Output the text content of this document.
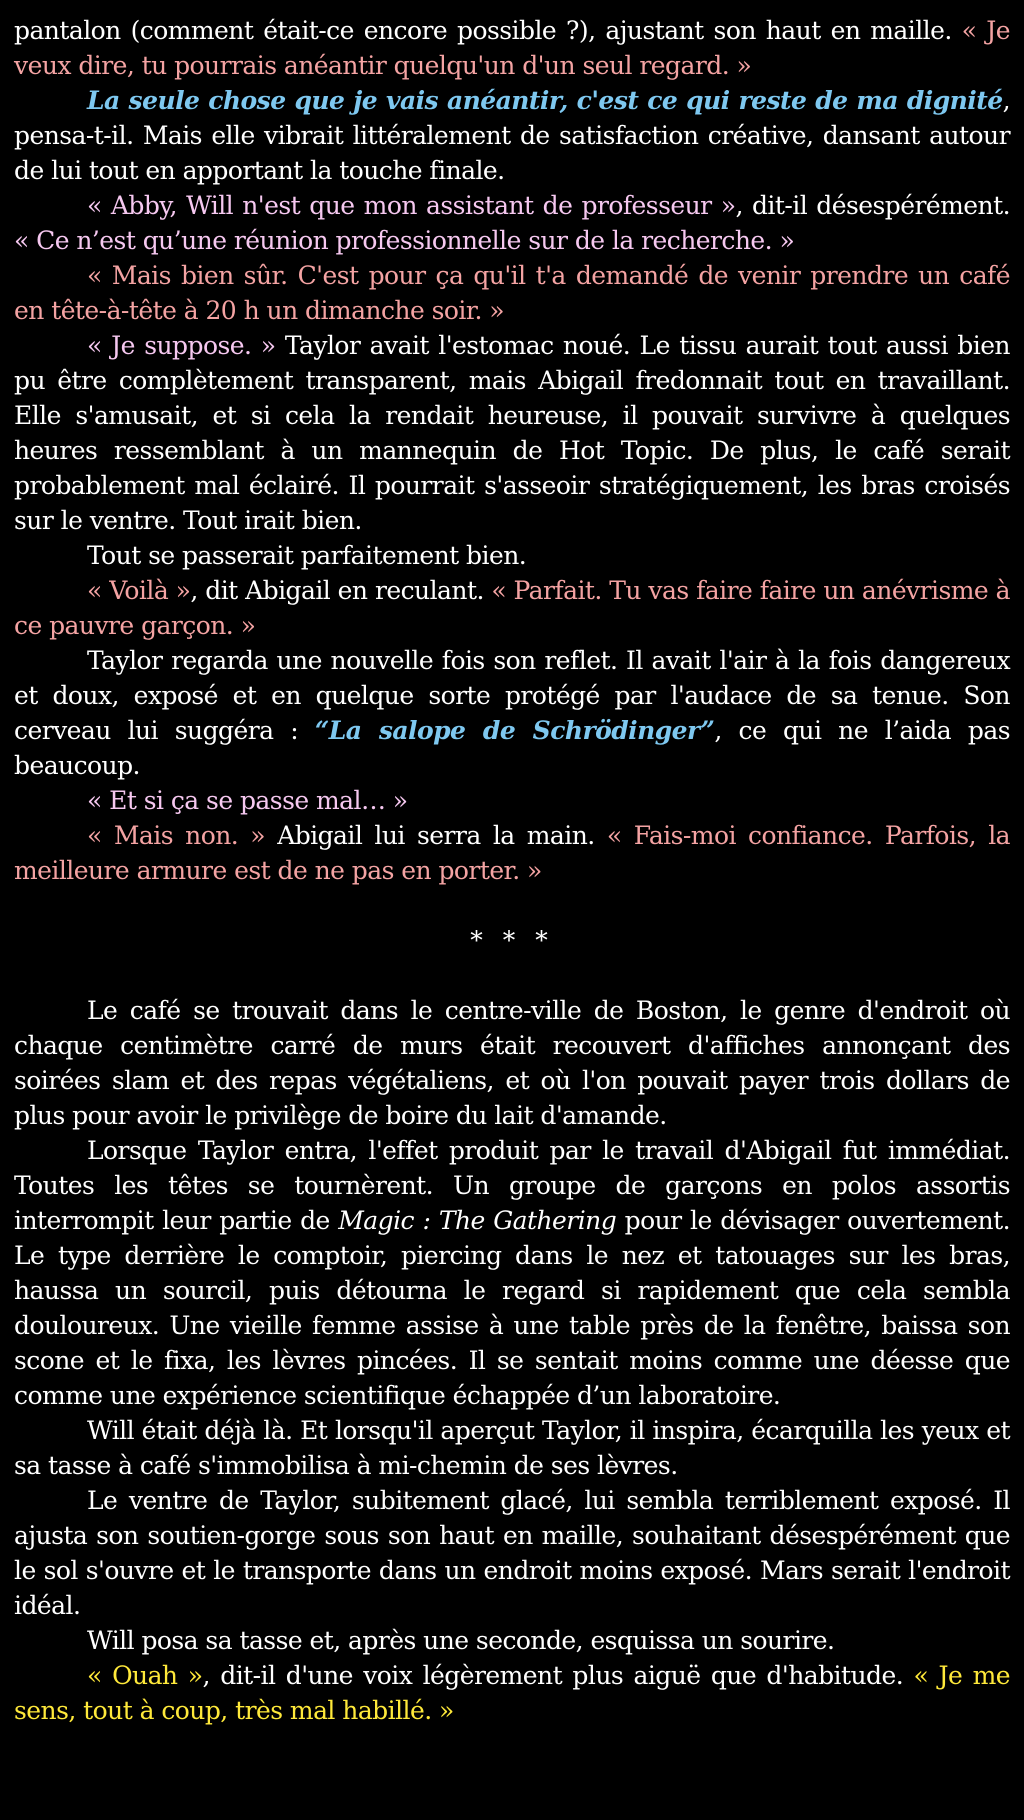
pantalon (comment était-ce encore possible ?), ajustant son haut en maille. « Je veux dire, tu pourrais anéantir quelqu'un d'un seul regard. »

La seule chose que je vais anéantir, c'est ce qui reste de ma dignité, pensa-t-il. Mais elle vibrait littéralement de satisfaction créative, dansant autour de lui tout en apportant la touche finale.

« Abby, Will n'est que mon assistant de professeur », dit-il désespérément. « Ce n’est qu’une réunion professionnelle sur de la recherche. »

« Mais bien sûr. C'est pour ça qu'il t'a demandé de venir prendre un café en tête-à-tête à 20 h un dimanche soir. »

« Je suppose. » Taylor avait l'estomac noué. Le tissu aurait tout aussi bien pu être complètement transparent, mais Abigail fredonnait tout en travaillant. Elle s'amusait, et si cela la rendait heureuse, il pouvait survivre à quelques heures ressemblant à un mannequin de Hot Topic. De plus, le café serait probablement mal éclairé. Il pourrait s'asseoir stratégiquement, les bras croisés sur le ventre. Tout irait bien.

Tout se passerait parfaitement bien.

« Voilà », dit Abigail en reculant. « Parfait. Tu vas faire faire un anévrisme à ce pauvre garçon. »

Taylor regarda une nouvelle fois son reflet. Il avait l'air à la fois dangereux et doux, exposé et en quelque sorte protégé par l'audace de sa tenue. Son cerveau lui suggéra : “La salope de Schrödinger”, ce qui ne l’aida pas beaucoup.

« Et si ça se passe mal… »

« Mais non. » Abigail lui serra la main. « Fais-moi confiance. Parfois, la meilleure armure est de ne pas en porter. »

* * *

Le café se trouvait dans le centre-ville de Boston, le genre d'endroit où chaque centimètre carré de murs était recouvert d'affiches annonçant des soirées slam et des repas végétaliens, et où l'on pouvait payer trois dollars de plus pour avoir le privilège de boire du lait d'amande.

Lorsque Taylor entra, l'effet produit par le travail d'Abigail fut immédiat. Toutes les têtes se tournèrent. Un groupe de garçons en polos assortis interrompit leur partie de Magic : The Gathering pour le dévisager ouvertement. Le type derrière le comptoir, piercing dans le nez et tatouages sur les bras, haussa un sourcil, puis détourna le regard si rapidement que cela sembla douloureux. Une vieille femme assise à une table près de la fenêtre, baissa son scone et le fixa, les lèvres pincées. Il se sentait moins comme une déesse que comme une expérience scientifique échappée d’un laboratoire.

Will était déjà là. Et lorsqu'il aperçut Taylor, il inspira, écarquilla les yeux et sa tasse à café s'immobilisa à mi-chemin de ses lèvres.

Le ventre de Taylor, subitement glacé, lui sembla terriblement exposé. Il ajusta son soutien-gorge sous son haut en maille, souhaitant désespérément que le sol s'ouvre et le transporte dans un endroit moins exposé. Mars serait l'endroit idéal.

Will posa sa tasse et, après une seconde, esquissa un sourire.

« Ouah », dit-il d'une voix légèrement plus aiguë que d'habitude. « Je me sens, tout à coup, très mal habillé. »
